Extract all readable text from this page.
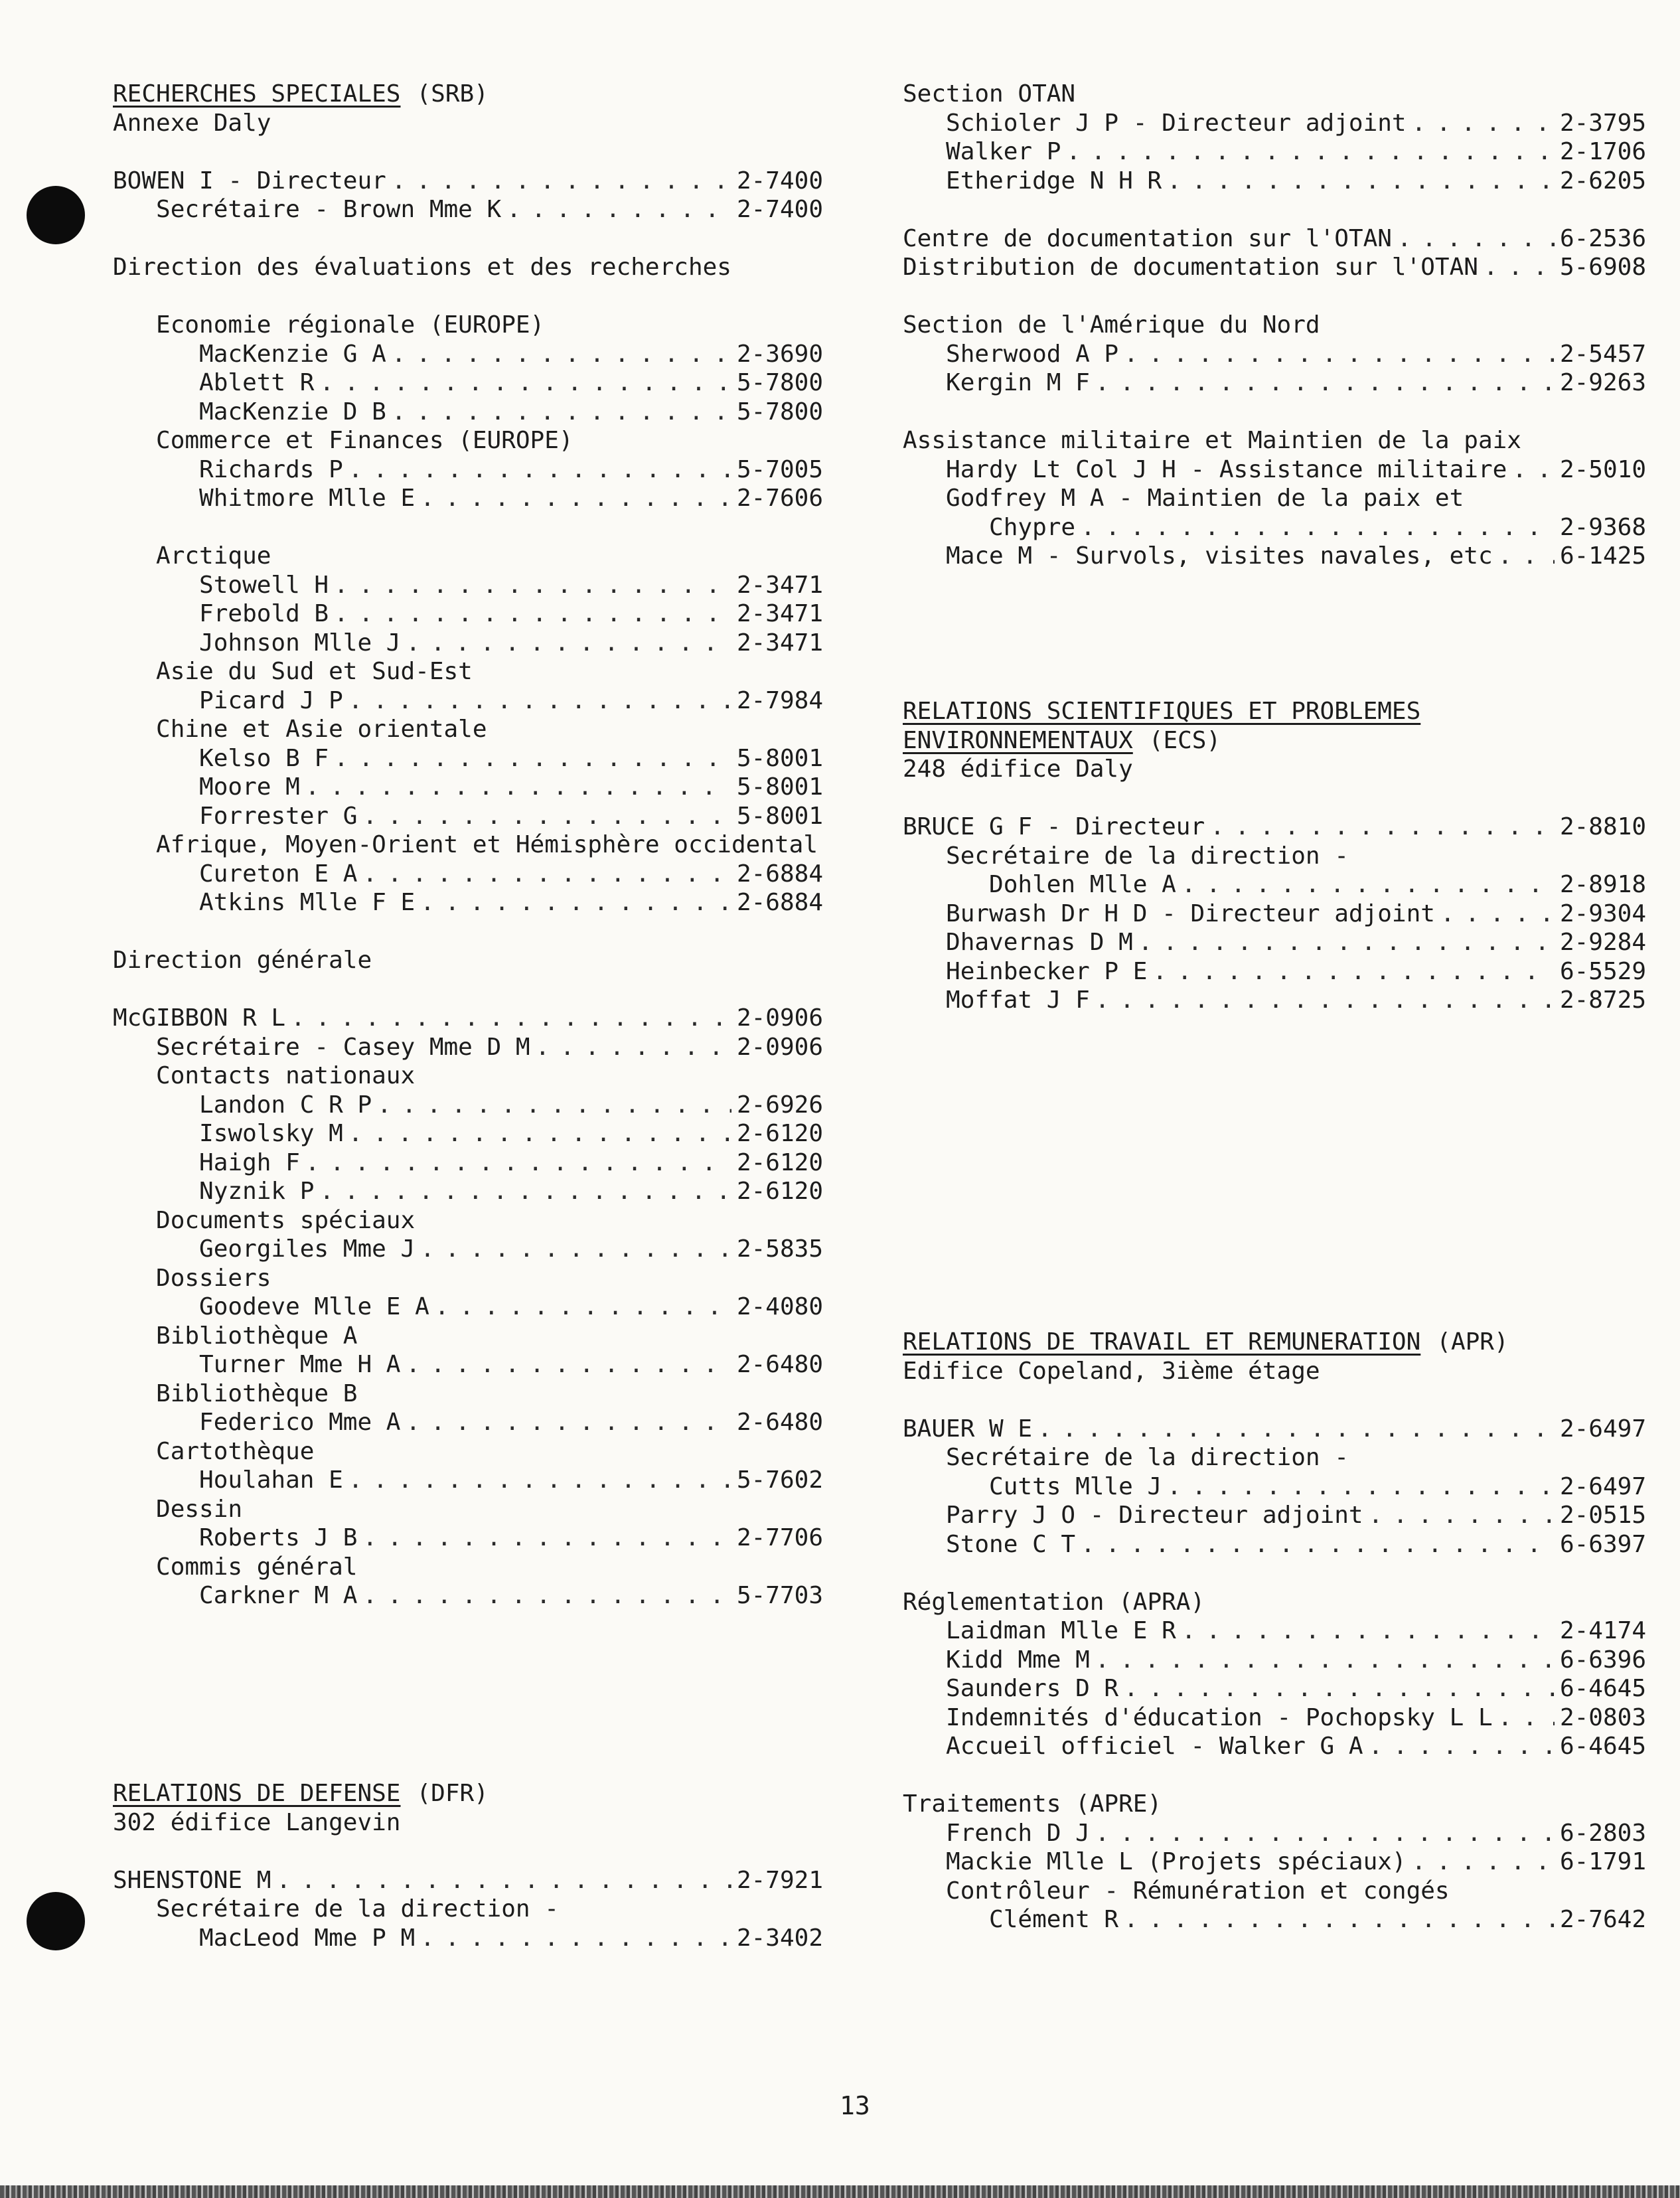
RECHERCHES SPECIALES (SRB)
Annexe Daly
BOWEN I - Directeur . . .	2-7400
Secrétaire - Brown Mme K . . .	2-7400
Direction des évaluations et des recherches
Economie régionale (EUROPE)
MacKenzie G A . . .	2-3690
Ablett R . . .	5-7800
MacKenzie D B . . .	5-7800
Commerce et Finances (EUROPE)
Richards P . . .	5-7005
Whitmore Mlle E . . .	2-7606
Arctique
Stowell H . . .	2-3471
Frebold B . . .	2-3471
Johnson Mlle J . . .	2-3471
Asie du Sud et Sud-Est
Picard J P . . .	2-7984
Chine et Asie orientale
Kelso B F . . .	5-8001
Moore M . . .	5-8001
Forrester G . . .	5-8001
Afrique, Moyen-Orient et Hémisphère occidental
Cureton E A . . .	2-6884
Atkins Mlle F E . . .	2-6884
Direction générale
McGIBBON R L . . .	2-0906
Secrétaire - Casey Mme D M . . .	2-0906
Contacts nationaux
Landon C R P . . .	2-6926
Iswolsky M . . .	2-6120
Haigh F . . .	2-6120
Nyznik P . . .	2-6120
Documents spéciaux
Georgiles Mme J . . .	2-5835
Dossiers
Goodeve Mlle E A . . .	2-4080
Bibliothèque A
Turner Mme H A . . .	2-6480
Bibliothèque B
Federico Mme A . . .	2-6480
Cartothèque
Houlahan E . . .	5-7602
Dessin
Roberts J B . . .	2-7706
Commis général
Carkner M A . . .	5-7703
RELATIONS DE DEFENSE (DFR)
302 édifice Langevin
SHENSTONE M . . .	2-7921
Secrétaire de la direction -
MacLeod Mme P M . . .	2-3402
Section OTAN
Schioler J P - Directeur adjoint . . .	2-3795
Walker P . . .	2-1706
Etheridge N H R . . .	2-6205
Centre de documentation sur l'OTAN . . .	6-2536
Distribution de documentation sur l'OTAN . . .	5-6908
Section de l'Amérique du Nord
Sherwood A P . . .	2-5457
Kergin M F . . .	2-9263
Assistance militaire et Maintien de la paix
Hardy Lt Col J H - Assistance militaire . . . 2-5010
Godfrey M A - Maintien de la paix et
Chypre . . .	2-9368
Mace M - Survols, visites navales, etc . . .	6-1425
RELATIONS SCIENTIFIQUES ET PROBLEMES
ENVIRONNEMENTAUX (ECS)
248 édifice Daly
BRUCE G F - Directeur . . .	2-8810
Secrétaire de la direction -
Dohlen Mlle A . . .	2-8918
Burwash Dr H D - Directeur adjoint . . .	2-9304
Dhavernas D M . . .	2-9284
Heinbecker P E . . .	6-5529
Moffat J F . . .	2-8725
RELATIONS DE TRAVAIL ET REMUNERATION (APR)
Edifice Copeland, 3ième étage
BAUER W E . . .	2-6497
Secrétaire de la direction -
Cutts Mlle J . . .	2-6497
Parry J O - Directeur adjoint . . .	2-0515
Stone C T . . .	6-6397
Réglementation (APRA)
Laidman Mlle E R . . .	2-4174
Kidd Mme M . . .	6-6396
Saunders D R . . .	6-4645
Indemnités d'éducation - Pochopsky L L . . .	2-0803
Accueil officiel - Walker G A . . .	6-4645
Traitements (APRE)
French D J . . .	6-2803
Mackie Mlle L (Projets spéciaux) . . .	6-1791
Contrôleur - Rémunération et congés
Clément R . . .	2-7642
13
